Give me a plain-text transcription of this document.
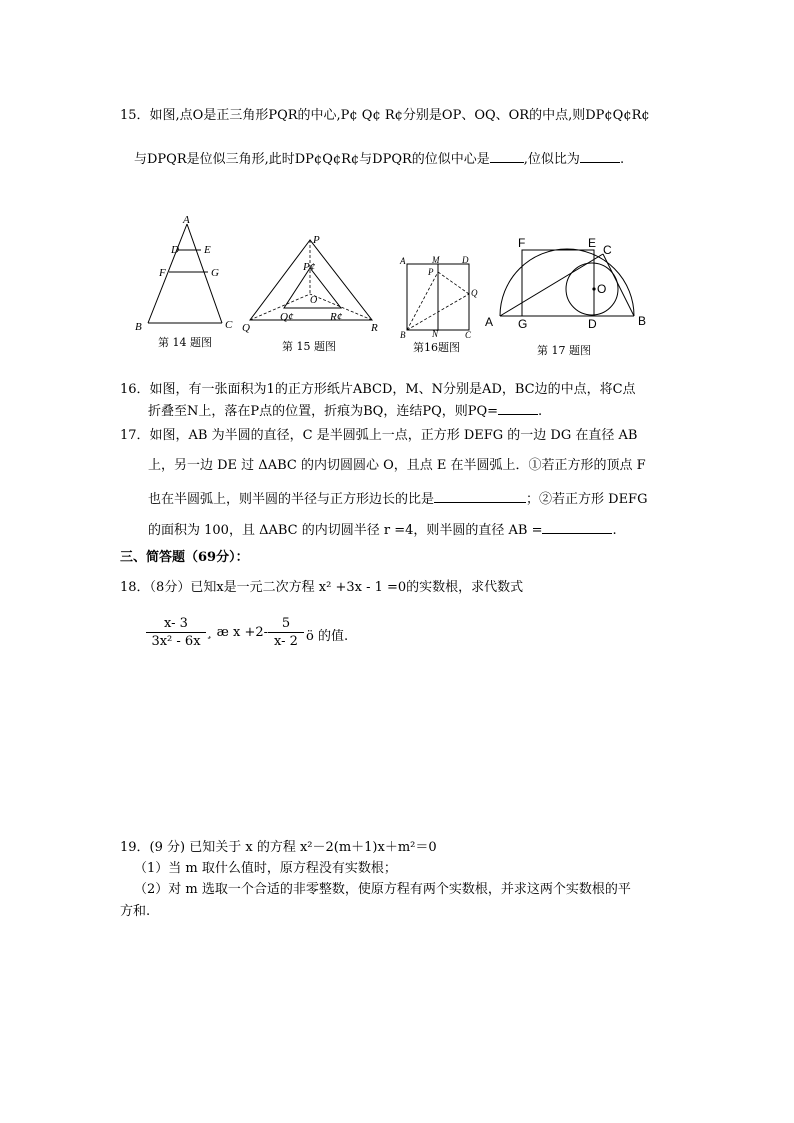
15．如图,点O是正三角形PQR的中心,P¢ Q¢ R¢分别是OP、OQ、OR的中点,则DP¢Q¢R¢
与DPQR是位似三角形,此时DP¢Q¢R¢与DPQR的位似中心是	,位似比为	.
A
D E
F	G
B	C
第 14 题图
P
P¢
O
Q¢	R¢
Q	R
第 15 题图
A	M	D
P
Q
B	N	C
第16题图
F	E C
O
A G	D	B
第 17 题图
16．如图，有一张面积为1的正方形纸片ABCD，M、N分别是AD，BC边的中点，将C点
折叠至N上，落在P点的位置，折痕为BQ，连结PQ，则PQ=	.
17．如图，AB 为半圆的直径，C 是半圆弧上一点，正方形 DEFG 的一边 DG 在直径 AB
上，另一边 DE 过 ΔABC 的内切圆圆心 O，且点 E 在半圆弧上．①若正方形的顶点 F
也在半圆弧上，则半圆的半径与正方形边长的比是	；②若正方形 DEFG
的面积为 100，且 ΔABC 的内切圆半径 r =4，则半圆的直径 AB =	.
三、简答题（69分）：
18．（8分）已知x是一元二次方程 x² +3x - 1 =0的实数根，求代数式
$\frac{x- 3}{\text{3x² - 6x}}$ ¸ æ $x +2- \frac{5}{x- 2}$ ö 的值.
19．(9 分) 已知关于 x 的方程 x²－2(m＋1)x＋m²＝0
（1）当 m 取什么值时，原方程没有实数根；
（2）对 m 选取一个合适的非零整数，使原方程有两个实数根，并求这两个实数根的平
方和.
